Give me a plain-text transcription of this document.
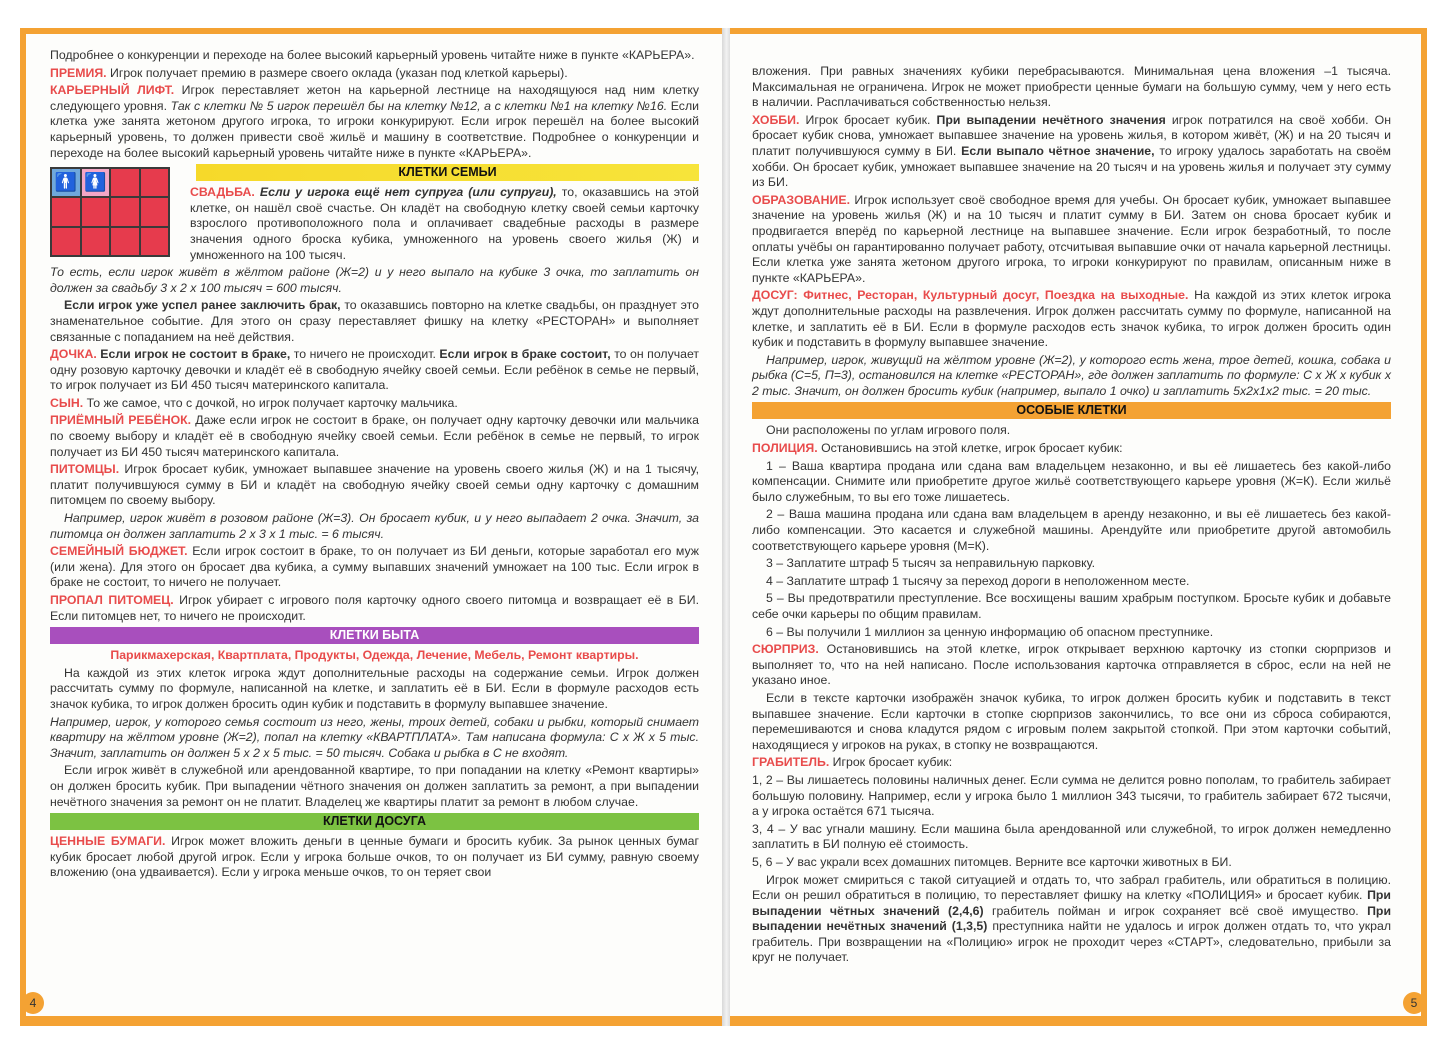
Подробнее о конкуренции и переходе на более высокий карьерный уровень читайте ниже в пункте «КАРЬЕРА».

ПРЕМИЯ. Игрок получает премию в размере своего оклада (указан под клеткой карьеры).

КАРЬЕРНЫЙ ЛИФТ. Игрок переставляет жетон на карьерной лестнице на находящуюся над ним клетку следующего уровня. Так с клетки № 5 игрок перешёл бы на клетку №12, а с клетки №1 на клетку №16. Если клетка уже занята жетоном другого игрока, то игроки конкурируют. Если игрок перешёл на более высокий карьерный уровень, то должен привести своё жильё и машину в соответствие. Подробнее о конкуренции и переходе на более высокий карьерный уровень читайте ниже в пункте «КАРЬЕРА».

🚹 🚺	КЛЕТКИ СЕМЬИ

СВАДЬБА. Если у игрока ещё нет супруга (или супруги), то, оказавшись на этой клетке, он нашёл своё счастье. Он кладёт на свободную клетку своей семьи карточку взрослого противоположного пола и оплачивает свадебные расходы в размере значения одного броска кубика, умноженного на уровень своего жилья (Ж) и умноженного на 100 тысяч.

То есть, если игрок живёт в жёлтом районе (Ж=2) и у него выпало на кубике 3 очка, то заплатить он должен за свадьбу 3 х 2 х 100 тысяч = 600 тысяч.

Если игрок уже успел ранее заключить брак, то оказавшись повторно на клетке свадьбы, он празднует это знаменательное событие. Для этого он сразу переставляет фишку на клетку «РЕСТОРАН» и выполняет связанные с попаданием на неё действия.

ДОЧКА. Если игрок не состоит в браке, то ничего не происходит. Если игрок в браке состоит, то он получает одну розовую карточку девочки и кладёт её в свободную ячейку своей семьи. Если ребёнок в семье не первый, то игрок получает из БИ 450 тысяч материнского капитала.

СЫН. То же самое, что с дочкой, но игрок получает карточку мальчика.

ПРИЁМНЫЙ РЕБЁНОК. Даже если игрок не состоит в браке, он получает одну карточку девочки или мальчика по своему выбору и кладёт её в свободную ячейку своей семьи. Если ребёнок в семье не первый, то игрок получает из БИ 450 тысяч материнского капитала.

ПИТОМЦЫ. Игрок бросает кубик, умножает выпавшее значение на уровень своего жилья (Ж) и на 1 тысячу, платит получившуюся сумму в БИ и кладёт на свободную ячейку своей семьи одну карточку с домашним питомцем по своему выбору.

Например, игрок живёт в розовом районе (Ж=3). Он бросает кубик, и у него выпадает 2 очка. Значит, за питомца он должен заплатить 2 х 3 х 1 тыс. = 6 тысяч.

СЕМЕЙНЫЙ БЮДЖЕТ. Если игрок состоит в браке, то он получает из БИ деньги, которые заработал его муж (или жена). Для этого он бросает два кубика, а сумму выпавших значений умножает на 100 тыс. Если игрок в браке не состоит, то ничего не получает.

ПРОПАЛ ПИТОМЕЦ. Игрок убирает с игрового поля карточку одного своего питомца и возвращает её в БИ. Если питомцев нет, то ничего не происходит.

КЛЕТКИ БЫТА

Парикмахерская, Квартплата, Продукты, Одежда, Лечение, Мебель, Ремонт квартиры.

На каждой из этих клеток игрока ждут дополнительные расходы на содержание семьи. Игрок должен рассчитать сумму по формуле, написанной на клетке, и заплатить её в БИ. Если в формуле расходов есть значок кубика, то игрок должен бросить один кубик и подставить в формулу выпавшее значение.

Например, игрок, у которого семья состоит из него, жены, троих детей, собаки и рыбки, который снимает квартиру на жёлтом уровне (Ж=2), попал на клетку «КВАРТПЛАТА». Там написана формула: С х Ж х 5 тыс. Значит, заплатить он должен 5 х 2 х 5 тыс. = 50 тысяч. Собака и рыбка в С не входят.

Если игрок живёт в служебной или арендованной квартире, то при попадании на клетку «Ремонт квартиры» он должен бросить кубик. При выпадении чётного значения он должен заплатить за ремонт, а при выпадении нечётного значения за ремонт он не платит. Владелец же квартиры платит за ремонт в любом случае.

КЛЕТКИ ДОСУГА

ЦЕННЫЕ БУМАГИ. Игрок может вложить деньги в ценные бумаги и бросить кубик. За рынок ценных бумаг кубик бросает любой другой игрок. Если у игрока больше очков, то он получает из БИ сумму, равную своему вложению (она удваивается). Если у игрока меньше очков, то он теряет свои

4

вложения. При равных значениях кубики перебрасываются. Минимальная цена вложения –1 тысяча. Максимальная не ограничена. Игрок не может приобрести ценные бумаги на большую сумму, чем у него есть в наличии. Расплачиваться собственностью нельзя.

ХОББИ. Игрок бросает кубик. При выпадении нечётного значения игрок потратился на своё хобби. Он бросает кубик снова, умножает выпавшее значение на уровень жилья, в котором живёт, (Ж) и на 20 тысяч и платит получившуюся сумму в БИ. Если выпало чётное значение, то игроку удалось заработать на своём хобби. Он бросает кубик, умножает выпавшее значение на 20 тысяч и на уровень жилья и получает эту сумму из БИ.

ОБРАЗОВАНИЕ. Игрок использует своё свободное время для учебы. Он бросает кубик, умножает выпавшее значение на уровень жилья (Ж) и на 10 тысяч и платит сумму в БИ. Затем он снова бросает кубик и продвигается вперёд по карьерной лестнице на выпавшее значение. Если игрок безработный, то после оплаты учёбы он гарантированно получает работу, отсчитывая выпавшие очки от начала карьерной лестницы. Если клетка уже занята жетоном другого игрока, то игроки конкурируют по правилам, описанным ниже в пункте «КАРЬЕРА».

ДОСУГ: Фитнес, Ресторан, Культурный досуг, Поездка на выходные. На каждой из этих клеток игрока ждут дополнительные расходы на развлечения. Игрок должен рассчитать сумму по формуле, написанной на клетке, и заплатить её в БИ. Если в формуле расходов есть значок кубика, то игрок должен бросить один кубик и подставить в формулу выпавшее значение.

Например, игрок, живущий на жёлтом уровне (Ж=2), у которого есть жена, трое детей, кошка, собака и рыбка (С=5, П=3), остановился на клетке «РЕСТОРАН», где должен заплатить по формуле: С х Ж х кубик х 2 тыс. Значит, он должен бросить кубик (например, выпало 1 очко) и заплатить 5х2х1х2 тыс. = 20 тыс.

ОСОБЫЕ КЛЕТКИ

Они расположены по углам игрового поля.

ПОЛИЦИЯ. Остановившись на этой клетке, игрок бросает кубик:

1 – Ваша квартира продана или сдана вам владельцем незаконно, и вы её лишаетесь без какой-либо компенсации. Снимите или приобретите другое жильё соответствующего карьере уровня (Ж=К). Если жильё было служебным, то вы его тоже лишаетесь.

2 – Ваша машина продана или сдана вам владельцем в аренду незаконно, и вы её лишаетесь без какой-либо компенсации. Это касается и служебной машины. Арендуйте или приобретите другой автомобиль соответствующего карьере уровня (М=К).

3 – Заплатите штраф 5 тысяч за неправильную парковку.

4 – Заплатите штраф 1 тысячу за переход дороги в неположенном месте.

5 – Вы предотвратили преступление. Все восхищены вашим храбрым поступком. Бросьте кубик и добавьте себе очки карьеры по общим правилам.

6 – Вы получили 1 миллион за ценную информацию об опасном преступнике.

СЮРПРИЗ. Остановившись на этой клетке, игрок открывает верхнюю карточку из стопки сюрпризов и выполняет то, что на ней написано. После использования карточка отправляется в сброс, если на ней не указано иное.

Если в тексте карточки изображён значок кубика, то игрок должен бросить кубик и подставить в текст выпавшее значение. Если карточки в стопке сюрпризов закончились, то все они из сброса собираются, перемешиваются и снова кладутся рядом с игровым полем закрытой стопкой. При этом карточки событий, находящиеся у игроков на руках, в стопку не возвращаются.

ГРАБИТЕЛЬ. Игрок бросает кубик:

1, 2 – Вы лишаетесь половины наличных денег. Если сумма не делится ровно пополам, то грабитель забирает большую половину. Например, если у игрока было 1 миллион 343 тысячи, то грабитель забирает 672 тысячи, а у игрока остаётся 671 тысяча.

3, 4 – У вас угнали машину. Если машина была арендованной или служебной, то игрок должен немедленно заплатить в БИ полную её стоимость.

5, 6 – У вас украли всех домашних питомцев. Верните все карточки животных в БИ.

Игрок может смириться с такой ситуацией и отдать то, что забрал грабитель, или обратиться в полицию. Если он решил обратиться в полицию, то переставляет фишку на клетку «ПОЛИЦИЯ» и бросает кубик. При выпадении чётных значений (2,4,6) грабитель пойман и игрок сохраняет всё своё имущество. При выпадении нечётных значений (1,3,5) преступника найти не удалось и игрок должен отдать то, что украл грабитель. При возвращении на «Полицию» игрок не проходит через «СТАРТ», следовательно, прибыли за круг не получает.

5
